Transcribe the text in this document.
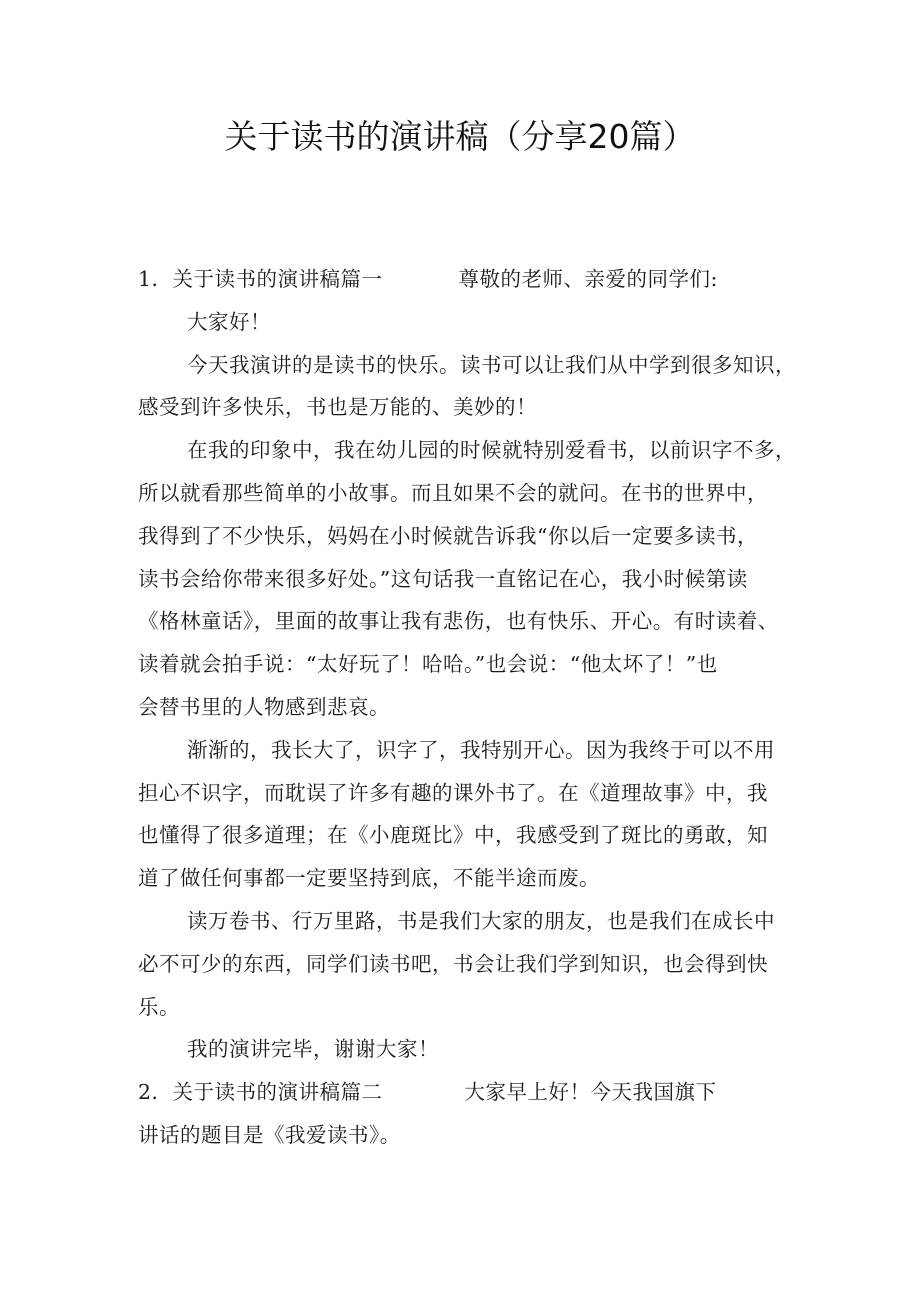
关于读书的演讲稿（分享20篇）
1．关于读书的演讲稿篇一	尊敬的老师、亲爱的同学们:
大家好！
今天我演讲的是读书的快乐。读书可以让我们从中学到很多知识，
感受到许多快乐，书也是万能的、美妙的！
在我的印象中，我在幼儿园的时候就特别爱看书，以前识字不多，
所以就看那些简单的小故事。而且如果不会的就问。在书的世界中，
我得到了不少快乐，妈妈在小时候就告诉我“你以后一定要多读书，
读书会给你带来很多好处。”这句话我一直铭记在心，我小时候第读
《格林童话》，里面的故事让我有悲伤，也有快乐、开心。有时读着、
读着就会拍手说：“太好玩了！哈哈。”也会说：“他太坏了！”也
会替书里的人物感到悲哀。
渐渐的，我长大了，识字了，我特别开心。因为我终于可以不用
担心不识字，而耽误了许多有趣的课外书了。在《道理故事》中，我
也懂得了很多道理；在《小鹿斑比》中，我感受到了斑比的勇敢，知
道了做任何事都一定要坚持到底，不能半途而废。
读万卷书、行万里路，书是我们大家的朋友，也是我们在成长中
必不可少的东西，同学们读书吧，书会让我们学到知识，也会得到快
乐。
我的演讲完毕，谢谢大家！
2．关于读书的演讲稿篇二	大家早上好！今天我国旗下
讲话的题目是《我爱读书》。
